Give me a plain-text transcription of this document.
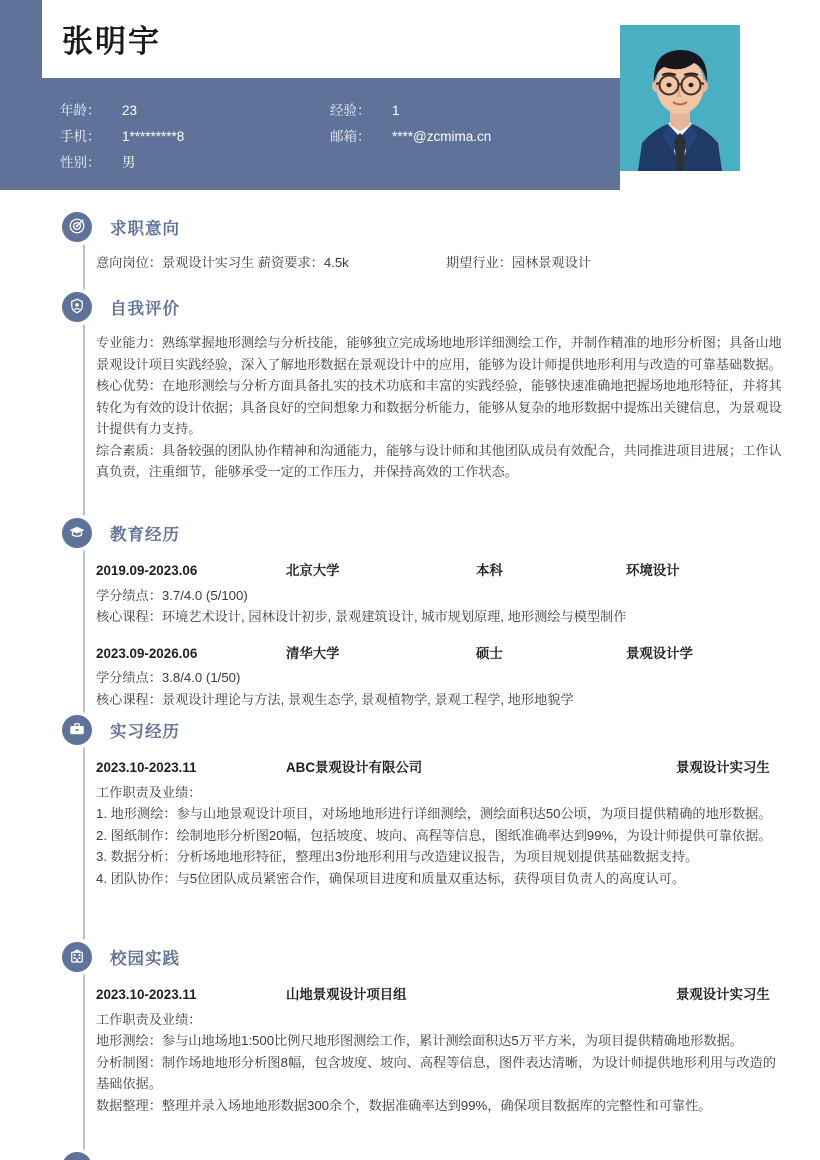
张明宇
年龄：	23	经验：	1
手机：	1*********8	邮箱：	****@zcmima.cn
性别：	男
求职意向
意向岗位：景观设计实习生 薪资要求：4.5k	期望行业：园林景观设计
自我评价

专业能力：熟练掌握地形测绘与分析技能，能够独立完成场地地形详细测绘工作，并制作精准的地形分析图；具备山地景观设计项目实践经验，深入了解地形数据在景观设计中的应用，能够为设计师提供地形利用与改造的可靠基础数据。

核心优势：在地形测绘与分析方面具备扎实的技术功底和丰富的实践经验，能够快速准确地把握场地地形特征，并将其转化为有效的设计依据；具备良好的空间想象力和数据分析能力，能够从复杂的地形数据中提炼出关键信息，为景观设计提供有力支持。

综合素质：具备较强的团队协作精神和沟通能力，能够与设计师和其他团队成员有效配合，共同推进项目进展；工作认真负责，注重细节，能够承受一定的工作压力，并保持高效的工作状态。

教育经历
2019.09-2023.06	北京大学	本科	环境设计

学分绩点：3.7/4.0 (5/100)

核心课程：环境艺术设计, 园林设计初步, 景观建筑设计, 城市规划原理, 地形测绘与模型制作

2023.09-2026.06	清华大学	硕士	景观设计学

学分绩点：3.8/4.0 (1/50)

核心课程：景观设计理论与方法, 景观生态学, 景观植物学, 景观工程学, 地形地貌学

实习经历
2023.10-2023.11	ABC景观设计有限公司	景观设计实习生

工作职责及业绩：

1. 地形测绘：参与山地景观设计项目，对场地地形进行详细测绘，测绘面积达50公顷，为项目提供精确的地形数据。

2. 图纸制作：绘制地形分析图20幅，包括坡度、坡向、高程等信息，图纸准确率达到99%，为设计师提供可靠依据。

3. 数据分析：分析场地地形特征，整理出3份地形利用与改造建议报告，为项目规划提供基础数据支持。

4. 团队协作：与5位团队成员紧密合作，确保项目进度和质量双重达标，获得项目负责人的高度认可。

校园实践
2023.10-2023.11	山地景观设计项目组	景观设计实习生

工作职责及业绩：

地形测绘：参与山地场地1:500比例尺地形图测绘工作，累计测绘面积达5万平方米，为项目提供精确地形数据。

分析制图：制作场地地形分析图8幅，包含坡度、坡向、高程等信息，图件表达清晰，为设计师提供地形利用与改造的基础依据。

数据整理：整理并录入场地地形数据300余个，数据准确率达到99%，确保项目数据库的完整性和可靠性。
